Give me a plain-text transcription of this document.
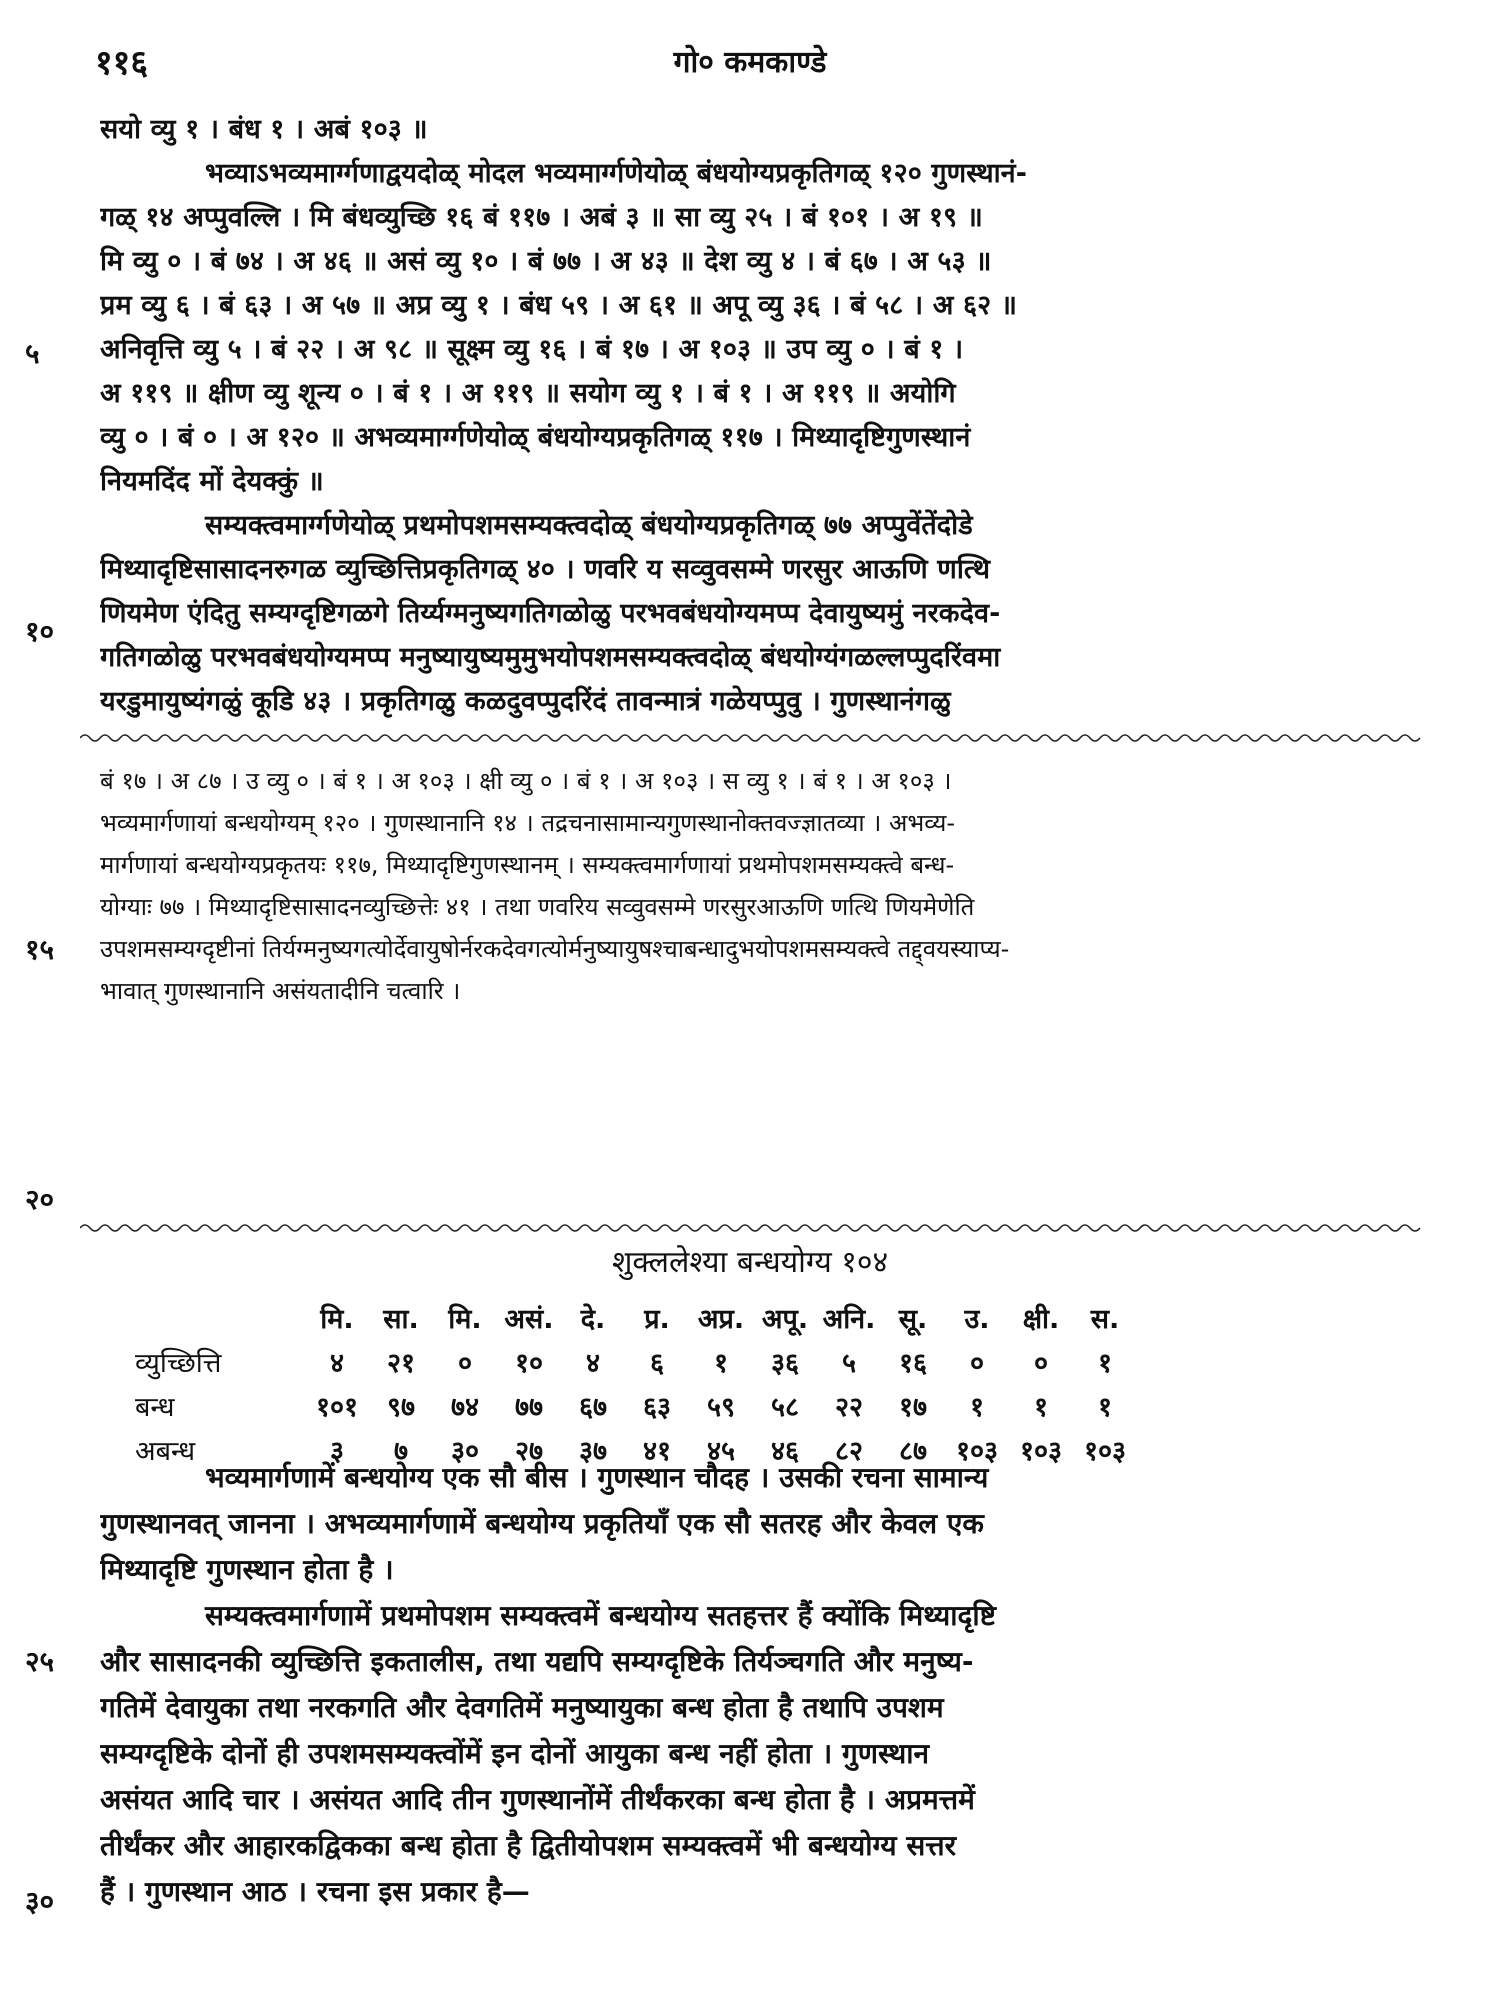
११६	गो० कमकाण्डे
सयो व्यु १ । बंध १ । अबं १०३ ॥
भव्याऽभव्यमार्ग्गणाद्वयदोळ् मोदल भव्यमार्ग्गणेयोळ् बंधयोग्यप्रकृतिगळ् १२० गुणस्थानं-
गळ् १४ अप्पुवल्लि । मि बंधव्युच्छि १६ बं ११७ । अबं ३ ॥ सा व्यु २५ । बं १०१ । अ १९ ॥
मि व्यु ० । बं ७४ । अ ४६ ॥ असं व्यु १० । बं ७७ । अ ४३ ॥ देश व्यु ४ । बं ६७ । अ ५३ ॥
प्रम व्यु ६ । बं ६३ । अ ५७ ॥ अप्र व्यु १ । बंध ५९ । अ ६१ ॥ अपू व्यु ३६ । बं ५८ । अ ६२ ॥
अनिवृत्ति व्यु ५ । बं २२ । अ ९८ ॥ सूक्ष्म व्यु १६ । बं १७ । अ १०३ ॥ उप व्यु ० । बं १ ।
अ ११९ ॥ क्षीण व्यु शून्य ० । बं १ । अ ११९ ॥ सयोग व्यु १ । बं १ । अ ११९ ॥ अयोगि
व्यु ० । बं ० । अ १२० ॥ अभव्यमार्ग्गणेयोळ् बंधयोग्यप्रकृतिगळ् ११७ । मिथ्यादृष्टिगुणस्थानं
नियमदिंद मों देयक्कुं ॥
सम्यक्त्वमार्ग्गणेयोळ् प्रथमोपशमसम्यक्त्वदोळ् बंधयोग्यप्रकृतिगळ् ७७ अप्पुवेंतेंदोडे
मिथ्यादृष्टिसासादनरुगळ व्युच्छित्तिप्रकृतिगळ् ४० । णवरि य सव्वुवसम्मे णरसुर आऊणि णत्थि
णियमेण एंदितु सम्यग्दृष्टिगळगे तिर्य्यग्मनुष्यगतिगळोळु परभवबंधयोग्यमप्प देवायुष्यमुं नरकदेव-
गतिगळोळु परभवबंधयोग्यमप्प मनुष्यायुष्यमुमुभयोपशमसम्यक्त्वदोळ् बंधयोग्यंगळल्लप्पुदरिंवमा
यरडुमायुष्यंगळुं कूडि ४३ । प्रकृतिगळु कळदुवप्पुदरिंदं तावन्मात्रं गळेयप्पुवु । गुणस्थानंगळु
बं १७ । अ ८७ । उ व्यु ० । बं १ । अ १०३ । क्षी व्यु ० । बं १ । अ १०३ । स व्यु १ । बं १ । अ १०३ ।
भव्यमार्गणायां बन्धयोग्यम् १२० । गुणस्थानानि १४ । तद्रचनासामान्यगुणस्थानोक्तवज्ज्ञातव्या । अभव्य-
मार्गणायां बन्धयोग्यप्रकृतयः ११७, मिथ्यादृष्टिगुणस्थानम् । सम्यक्त्वमार्गणायां प्रथमोपशमसम्यक्त्वे बन्ध-
योग्याः ७७ । मिथ्यादृष्टिसासादनव्युच्छित्तेः ४१ । तथा णवरिय सव्वुवसम्मे णरसुरआऊणि णत्थि णियमेणेति
उपशमसम्यग्दृष्टीनां तिर्यग्मनुष्यगत्योर्देवायुषोर्नरकदेवगत्योर्मनुष्यायुषश्चाबन्धादुभयोपशमसम्यक्त्वे तद्द्वयस्याप्य-
भावात् गुणस्थानानि असंयतादीनि चत्वारि ।
शुक्ललेश्या बन्धयोग्य १०४
	मि.	सा.	मि.	असं.	दे.	प्र.	अप्र.	अपू.	अनि.	सू.	उ.	क्षी.	स.
व्युच्छित्ति	४	२१	०	१०	४	६	१	३६	५	१६	०	०	१
बन्ध	१०१	९७	७४	७७	६७	६३	५९	५८	२२	१७	१	१	१
अबन्ध	३	७	३०	२७	३७	४१	४५	४६	८२	८७	१०३	१०३	१०३
भव्यमार्गणामें बन्धयोग्य एक सौ बीस । गुणस्थान चौदह । उसकी रचना सामान्य
गुणस्थानवत् जानना । अभव्यमार्गणामें बन्धयोग्य प्रकृतियाँ एक सौ सतरह और केवल एक
मिथ्यादृष्टि गुणस्थान होता है ।
सम्यक्त्वमार्गणामें प्रथमोपशम सम्यक्त्वमें बन्धयोग्य सतहत्तर हैं क्योंकि मिथ्यादृष्टि
और सासादनकी व्युच्छित्ति इकतालीस, तथा यद्यपि सम्यग्दृष्टिके तिर्यञ्चगति और मनुष्य-
गतिमें देवायुका तथा नरकगति और देवगतिमें मनुष्यायुका बन्ध होता है तथापि उपशम
सम्यग्दृष्टिके दोनों ही उपशमसम्यक्त्वोंमें इन दोनों आयुका बन्ध नहीं होता । गुणस्थान
असंयत आदि चार । असंयत आदि तीन गुणस्थानोंमें तीर्थंकरका बन्ध होता है । अप्रमत्तमें
तीर्थंकर और आहारकद्विकका बन्ध होता है द्वितीयोपशम सम्यक्त्वमें भी बन्धयोग्य सत्तर
हैं । गुणस्थान आठ । रचना इस प्रकार है—
५
१०
१५
२०
२५
३०
